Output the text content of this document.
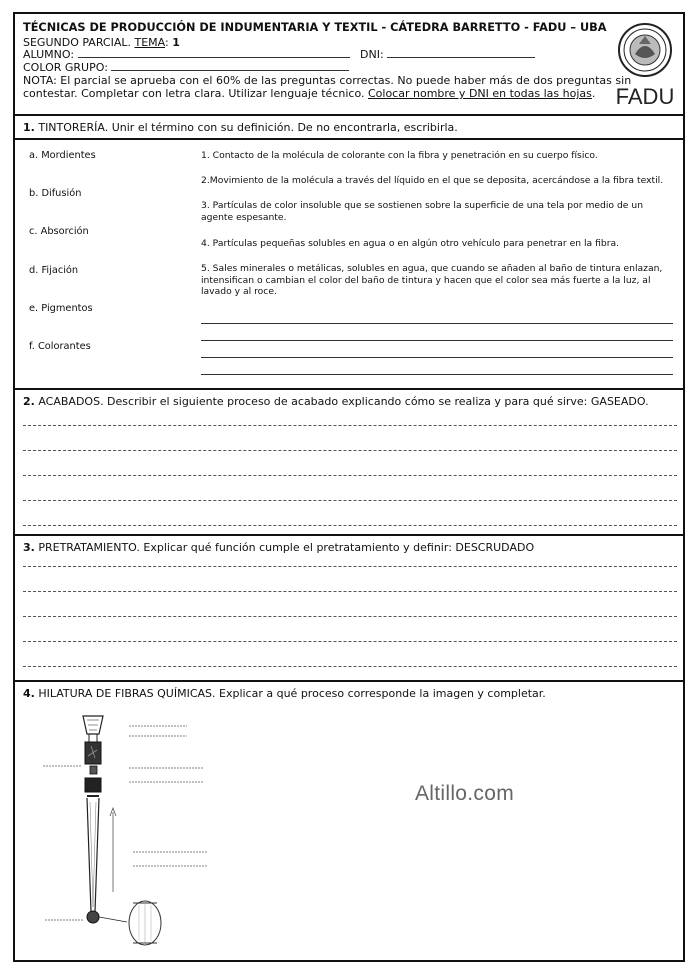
TÉCNICAS DE PRODUCCIÓN DE INDUMENTARIA Y TEXTIL - CÁTEDRA BARRETTO - FADU – UBA
SEGUNDO PARCIAL. TEMA: 1
ALUMNO:	DNI:
COLOR GRUPO:
NOTA: El parcial se aprueba con el 60% de las preguntas correctas. No puede haber más de dos preguntas sin
contestar. Completar con letra clara. Utilizar lenguaje técnico. Colocar nombre y DNI en todas las hojas. FADU
1. TINTORERÍA. Unir el término con su definición. De no encontrarla, escribirla.
a. Mordientes
b. Difusión
c. Absorción
d. Fijación
e. Pigmentos
f. Colorantes
1. Contacto de la molécula de colorante con la fibra y penetración en su cuerpo físico.
2.Movimiento de la molécula a través del líquido en el que se deposita, acercándose a la fibra textil.
3. Partículas de color insoluble que se sostienen sobre la superficie de una tela por medio de un agente espesante.
4. Partículas pequeñas solubles en agua o en algún otro vehículo para penetrar en la fibra.
5. Sales minerales o metálicas, solubles en agua, que cuando se añaden al baño de tintura enlazan, intensifican o cambian el color del baño de tintura y hacen que el color sea más fuerte a la luz, al lavado y al roce.
2. ACABADOS. Describir el siguiente proceso de acabado explicando cómo se realiza y para qué sirve: GASEADO.
3. PRETRATAMIENTO. Explicar qué función cumple el pretratamiento y definir: DESCRUDADO
4. HILATURA DE FIBRAS QUÍMICAS. Explicar a qué proceso corresponde la imagen y completar.
Altillo.com
